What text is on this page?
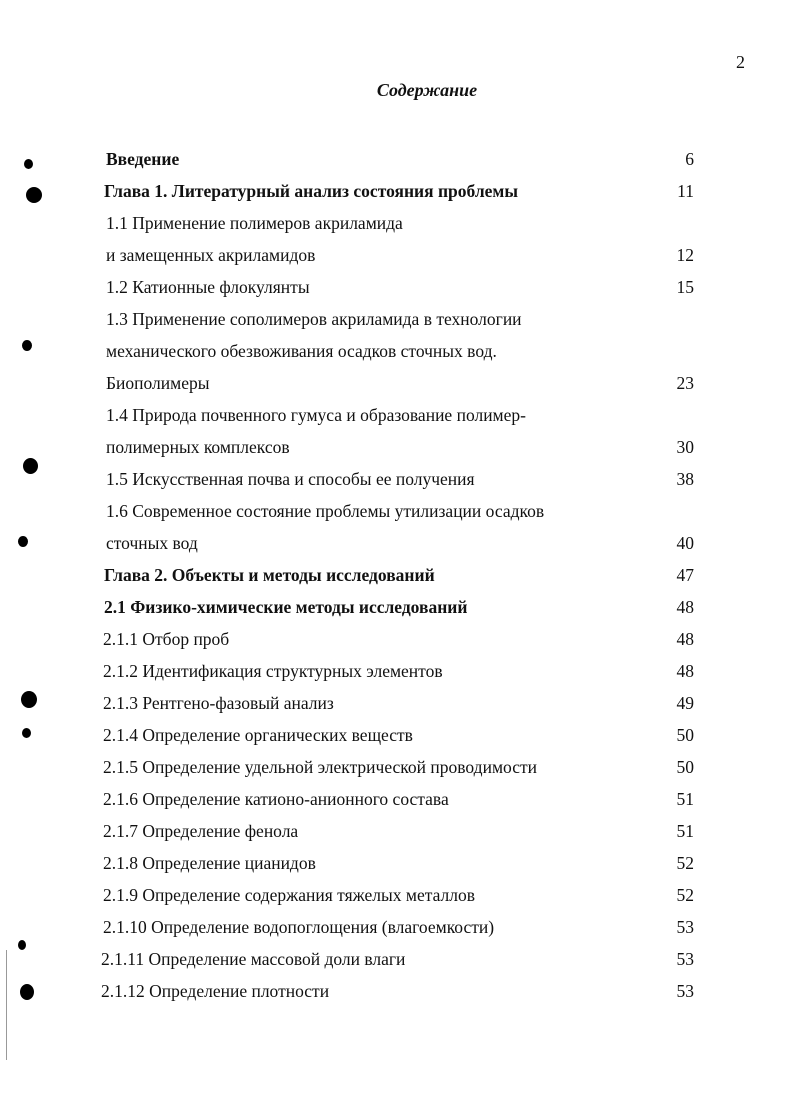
2
Содержание
Введение	6
Глава 1. Литературный анализ состояния проблемы	11
1.1 Применение полимеров акриламида
и замещенных акриламидов	12
1.2 Катионные флокулянты	15
1.3 Применение сополимеров акриламида в технологии
механического обезвоживания осадков сточных вод.
Биополимеры	23
1.4 Природа почвенного гумуса и образование полимер-
полимерных комплексов	30
1.5 Искусственная почва и способы ее получения	38
1.6 Современное состояние проблемы утилизации осадков
сточных вод	40
Глава 2. Объекты и методы исследований	47
2.1 Физико-химические методы исследований	48
2.1.1 Отбор проб	48
2.1.2 Идентификация структурных элементов	48
2.1.3 Рентгено-фазовый анализ	49
2.1.4 Определение органических веществ	50
2.1.5 Определение удельной электрической проводимости	50
2.1.6 Определение катионо-анионного состава	51
2.1.7 Определение фенола	51
2.1.8 Определение цианидов	52
2.1.9 Определение содержания тяжелых металлов	52
2.1.10 Определение водопоглощения (влагоемкости)	53
2.1.11 Определение массовой доли влаги	53
2.1.12 Определение плотности	53
